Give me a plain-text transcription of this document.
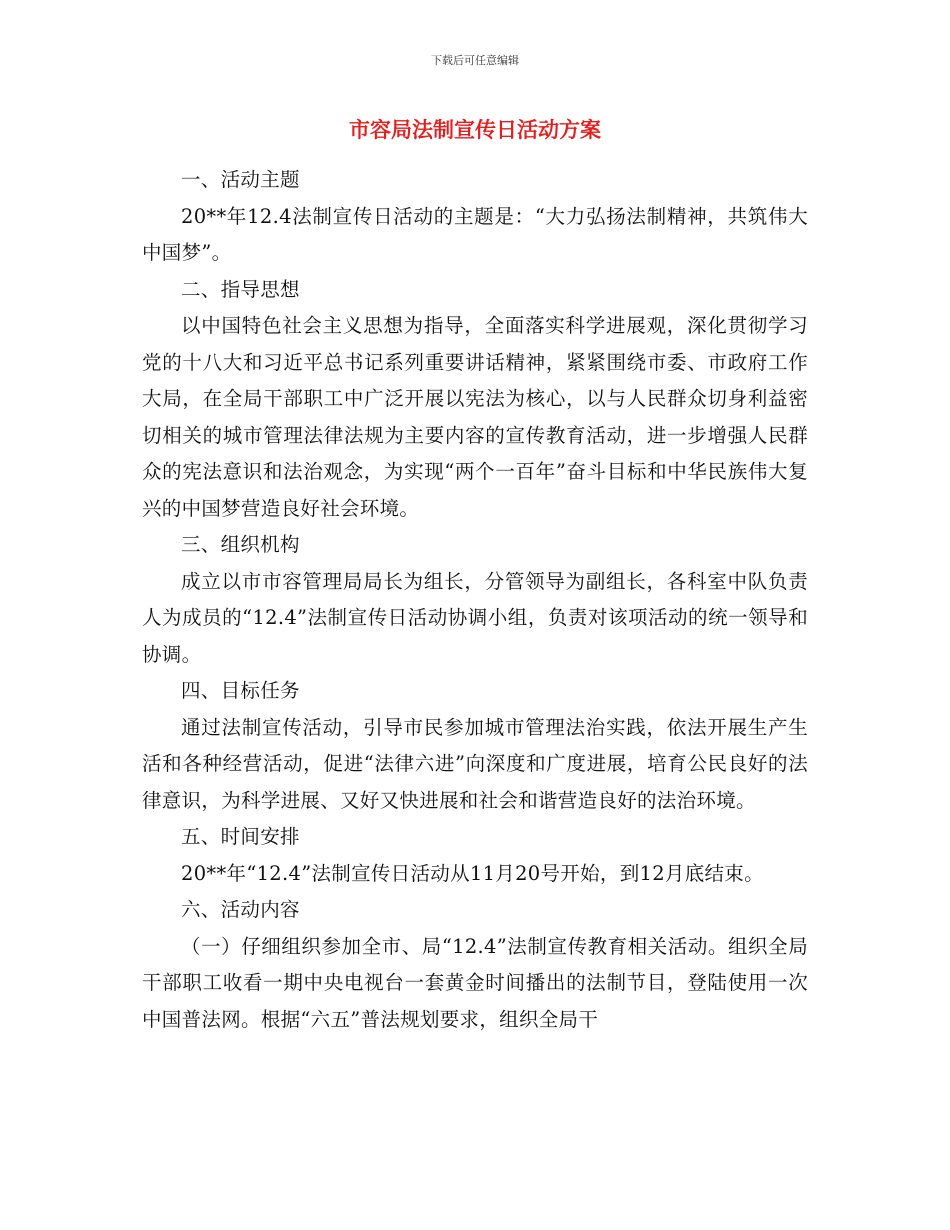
下载后可任意编辑
市容局法制宣传日活动方案

一、活动主题

20**年12.4法制宣传日活动的主题是：“大力弘扬法制精神，共筑伟大中国梦”。

二、指导思想

以中国特色社会主义思想为指导，全面落实科学进展观，深化贯彻学习党的十八大和习近平总书记系列重要讲话精神，紧紧围绕市委、市政府工作大局，在全局干部职工中广泛开展以宪法为核心，以与人民群众切身利益密切相关的城市管理法律法规为主要内容的宣传教育活动，进一步增强人民群众的宪法意识和法治观念，为实现“两个一百年”奋斗目标和中华民族伟大复兴的中国梦营造良好社会环境。

三、组织机构

成立以市市容管理局局长为组长，分管领导为副组长，各科室中队负责人为成员的“12.4”法制宣传日活动协调小组，负责对该项活动的统一领导和协调。

四、目标任务

通过法制宣传活动，引导市民参加城市管理法治实践，依法开展生产生活和各种经营活动，促进“法律六进”向深度和广度进展，培育公民良好的法律意识，为科学进展、又好又快进展和社会和谐营造良好的法治环境。

五、时间安排

20**年“12.4”法制宣传日活动从11月20号开始，到12月底结束。

六、活动内容

（一）仔细组织参加全市、局“12.4”法制宣传教育相关活动。组织全局干部职工收看一期中央电视台一套黄金时间播出的法制节目，登陆使用一次中国普法网。根据“六五”普法规划要求，组织全局干
